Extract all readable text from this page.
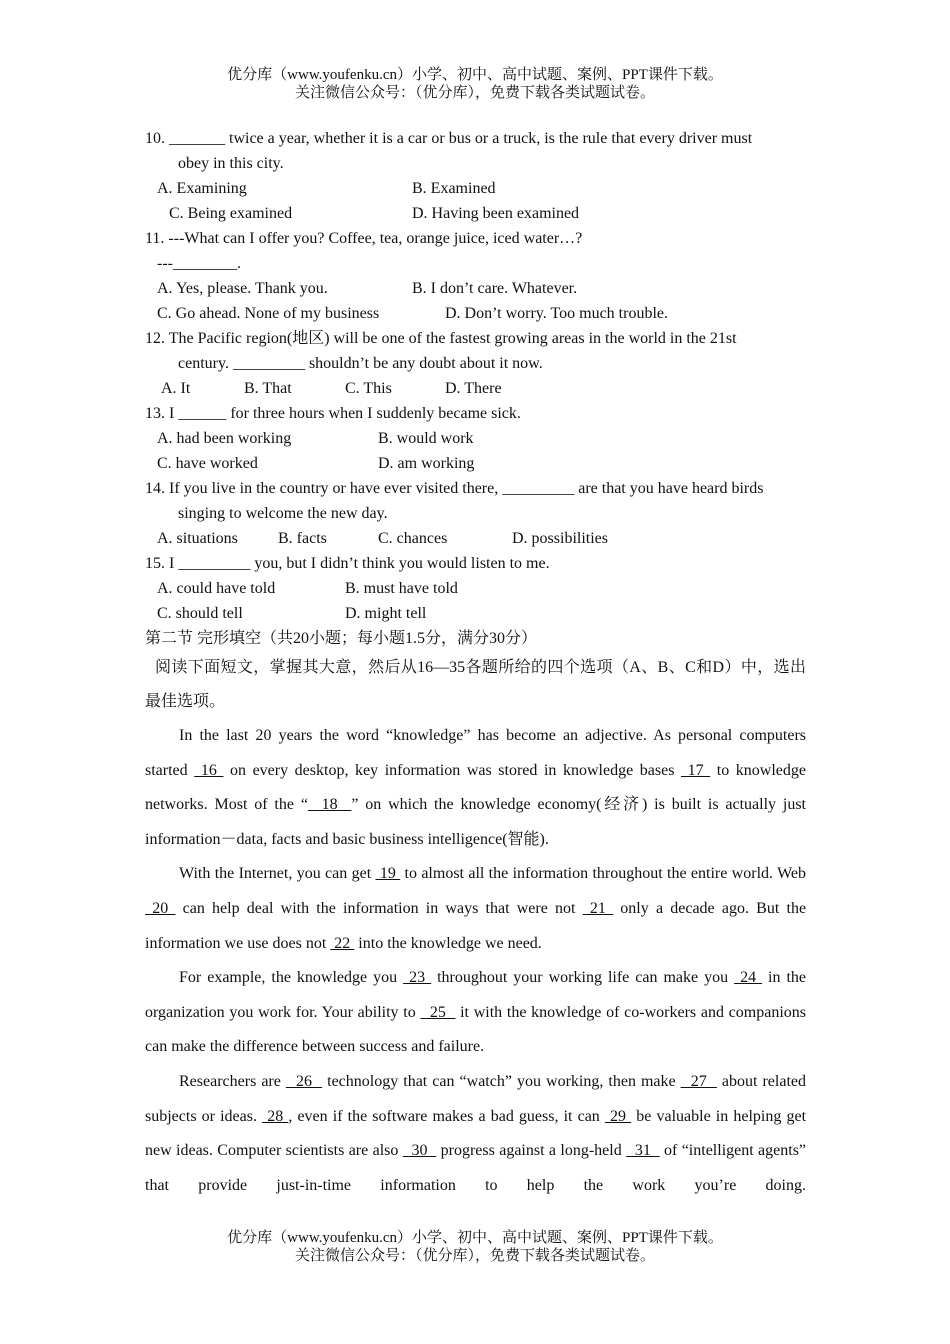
优分库（www.youfenku.cn）小学、初中、高中试题、案例、PPT课件下载。
关注微信公众号：（优分库），免费下载各类试题试卷。
10. _______ twice a year, whether it is a car or bus or a truck, is the rule that every driver must
obey in this city.
A. Examining	B. Examined
C. Being examined	D. Having been examined
11. ---What can I offer you? Coffee, tea, orange juice, iced water…?
---________.
A. Yes, please. Thank you.	B. I don’t care. Whatever.
C. Go ahead. None of my business	D. Don’t worry. Too much trouble.
12. The Pacific region(地区) will be one of the fastest growing areas in the world in the 21st
century. _________ shouldn’t be any doubt about it now.
A. It	B. That	C. This	D. There
13. I ______ for three hours when I suddenly became sick.
A. had been working	B. would work
C. have worked	D. am working
14. If you live in the country or have ever visited there, _________ are that you have heard birds
singing to welcome the new day.
A. situations	B. facts	C. chances	D. possibilities
15. I _________ you, but I didn’t think you would listen to me.
A. could have told	B. must have told
C. should tell	D. might tell
第二节 完形填空（共20小题；每小题1.5分，满分30分）
阅读下面短文，掌握其大意，然后从16—35各题所给的四个选项（A、B、C和D）中，选出最佳选项。
In the last 20 years the word “knowledge” has become an adjective. As personal computers started  16  on every desktop, key information was stored in knowledge bases  17  to knowledge networks. Most of the “  18  ” on which the knowledge economy(经济) is built is actually just information－data, facts and basic business intelligence(智能).
With the Internet, you can get  19  to almost all the information throughout the entire world. Web  20  can help deal with the information in ways that were not  21  only a decade ago. But the information we use does not  22  into the knowledge we need.
For example, the knowledge you  23  throughout your working life can make you  24  in the organization you work for. Your ability to   25   it with the knowledge of co-workers and companions can make the difference between success and failure.
Researchers are   26   technology that can “watch” you working, then make   27   about related subjects or ideas.  28 , even if the software makes a bad guess, it can  29  be valuable in helping get new ideas. Computer scientists are also   30   progress against a long-held   31   of “intelligent agents” that provide just-in-time information to help the work you’re doing.
优分库（www.youfenku.cn）小学、初中、高中试题、案例、PPT课件下载。
关注微信公众号：（优分库），免费下载各类试题试卷。
